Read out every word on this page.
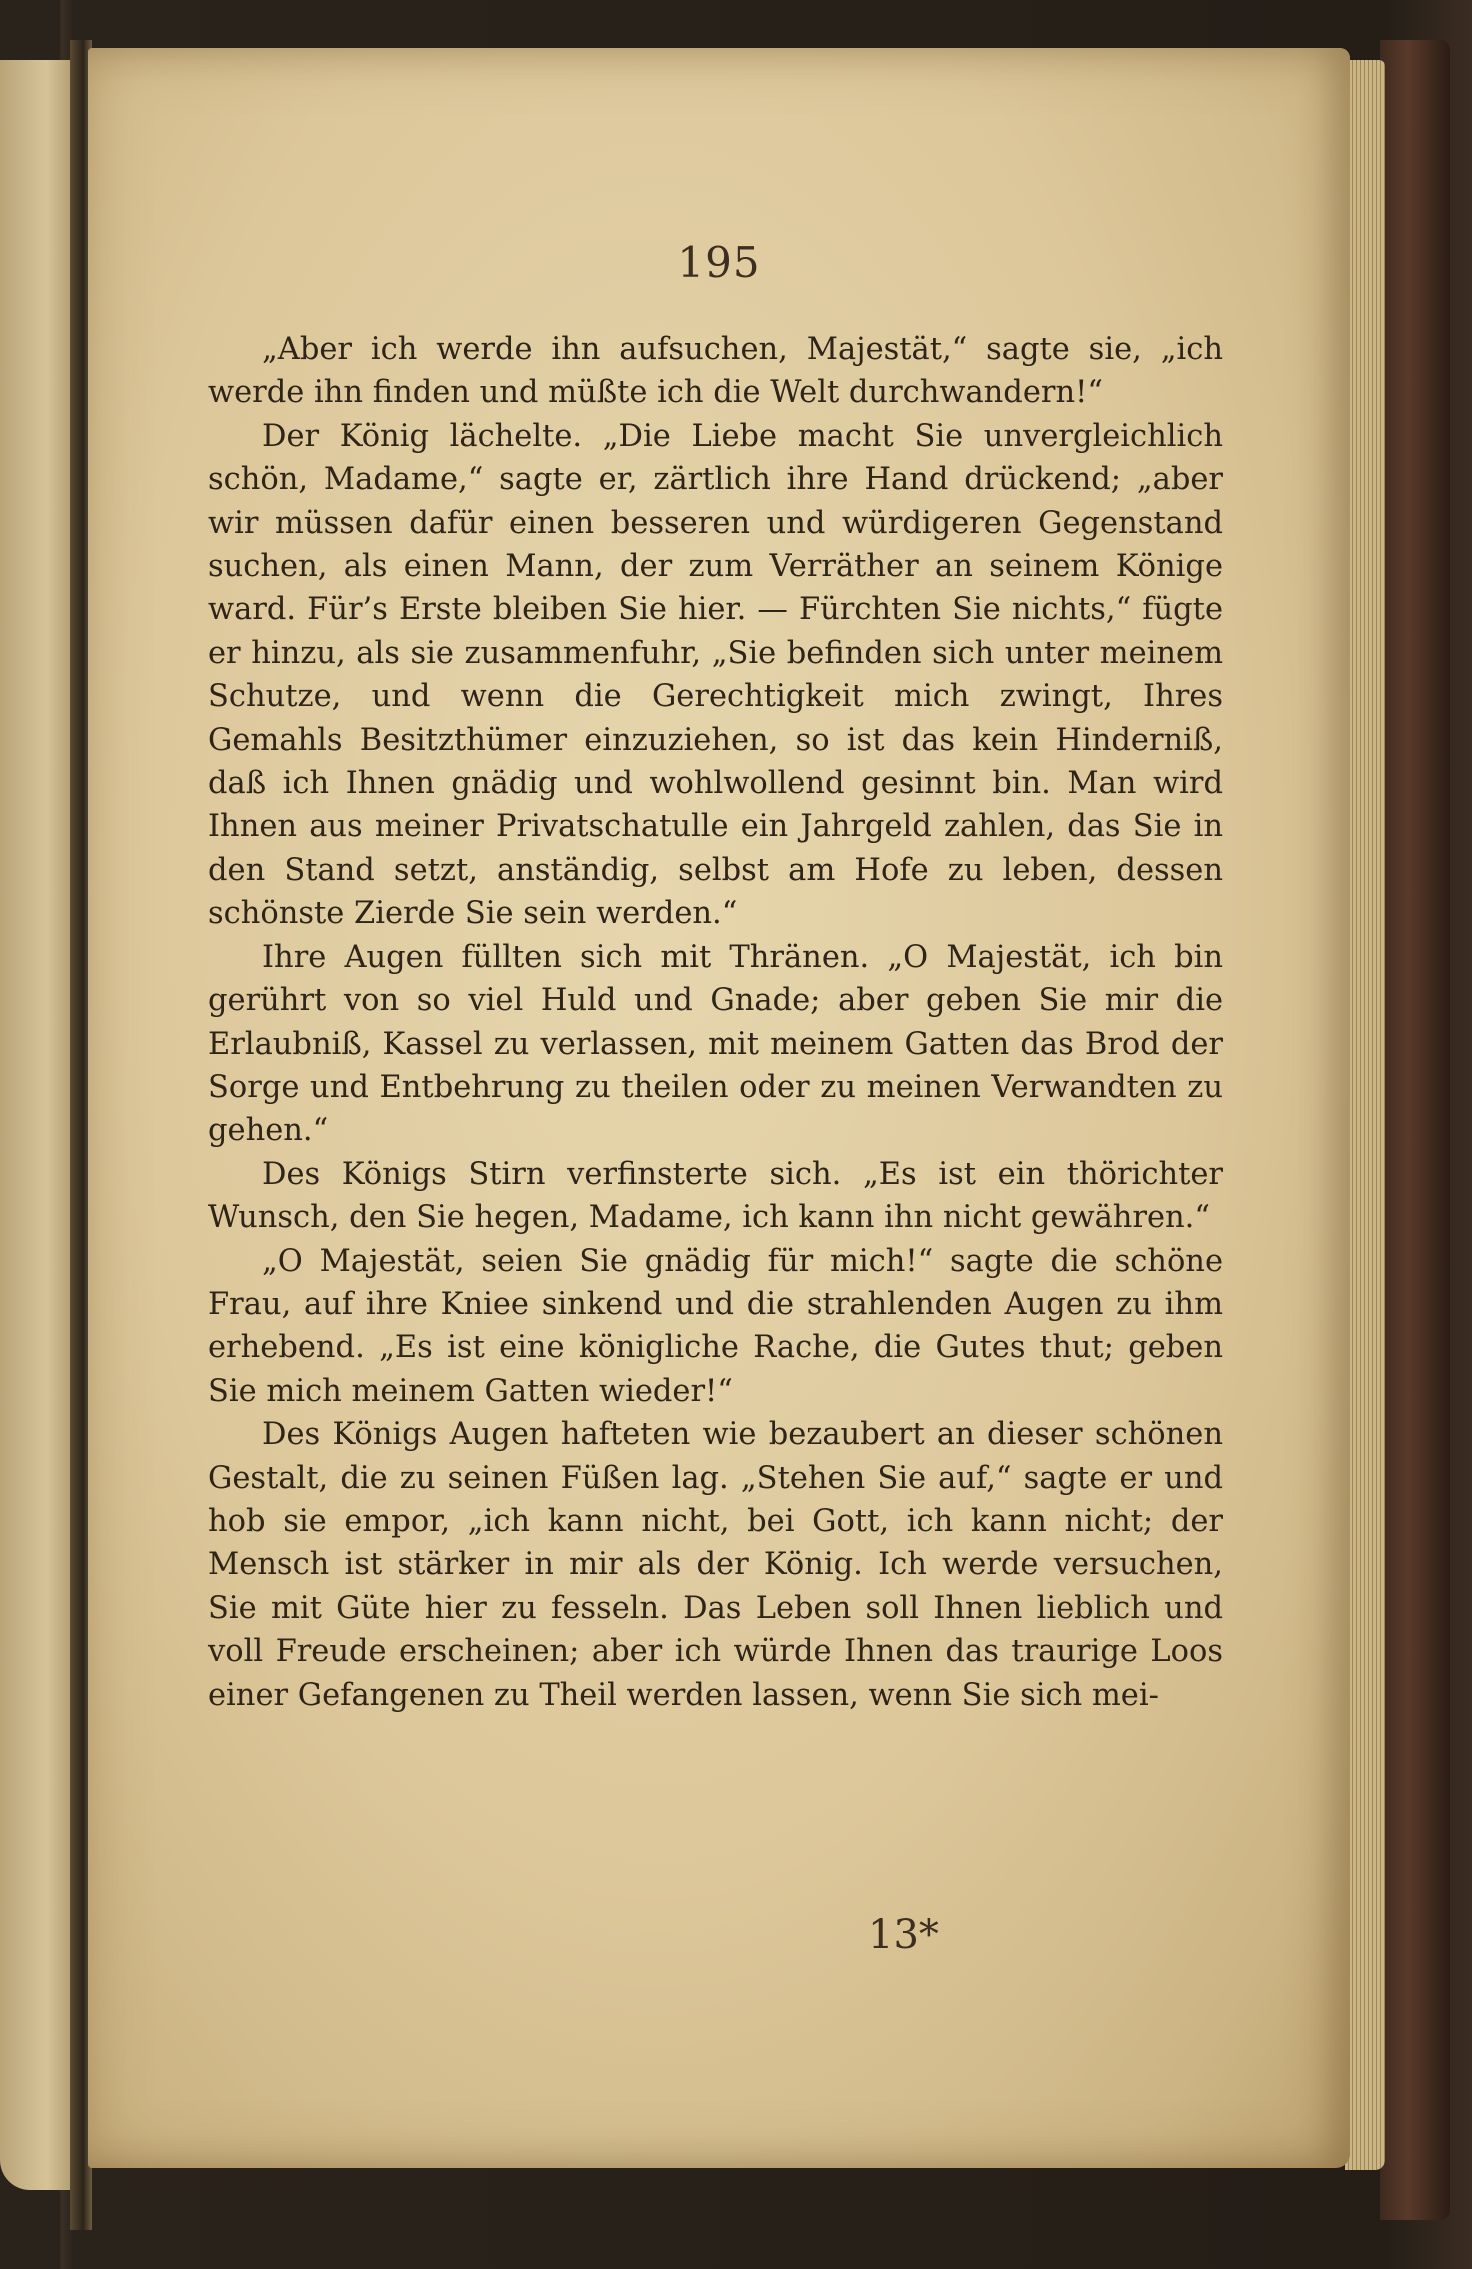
195

„Aber ich werde ihn aufsuchen, Majestät,“ sagte sie, „ich werde ihn finden und müßte ich die Welt durchwandern!“

Der König lächelte. „Die Liebe macht Sie unvergleichlich schön, Madame,“ sagte er, zärtlich ihre Hand drückend; „aber wir müssen dafür einen besseren und würdigeren Gegenstand suchen, als einen Mann, der zum Verräther an seinem Könige ward. Für’s Erste bleiben Sie hier. — Fürchten Sie nichts,“ fügte er hinzu, als sie zusammenfuhr, „Sie befinden sich unter meinem Schutze, und wenn die Gerechtigkeit mich zwingt, Ihres Gemahls Besitzthümer einzuziehen, so ist das kein Hinderniß, daß ich Ihnen gnädig und wohlwollend gesinnt bin. Man wird Ihnen aus meiner Privatschatulle ein Jahrgeld zahlen, das Sie in den Stand setzt, anständig, selbst am Hofe zu leben, dessen schönste Zierde Sie sein werden.“

Ihre Augen füllten sich mit Thränen. „O Majestät, ich bin gerührt von so viel Huld und Gnade; aber geben Sie mir die Erlaubniß, Kassel zu verlassen, mit meinem Gatten das Brod der Sorge und Entbehrung zu theilen oder zu meinen Verwandten zu gehen.“

Des Königs Stirn verfinsterte sich. „Es ist ein thörichter Wunsch, den Sie hegen, Madame, ich kann ihn nicht gewähren.“

„O Majestät, seien Sie gnädig für mich!“ sagte die schöne Frau, auf ihre Kniee sinkend und die strahlenden Augen zu ihm erhebend. „Es ist eine königliche Rache, die Gutes thut; geben Sie mich meinem Gatten wieder!“

Des Königs Augen hafteten wie bezaubert an dieser schönen Gestalt, die zu seinen Füßen lag. „Stehen Sie auf,“ sagte er und hob sie empor, „ich kann nicht, bei Gott, ich kann nicht; der Mensch ist stärker in mir als der König. Ich werde versuchen, Sie mit Güte hier zu fesseln. Das Leben soll Ihnen lieblich und voll Freude erscheinen; aber ich würde Ihnen das traurige Loos einer Gefangenen zu Theil werden lassen, wenn Sie sich mei-

13*
